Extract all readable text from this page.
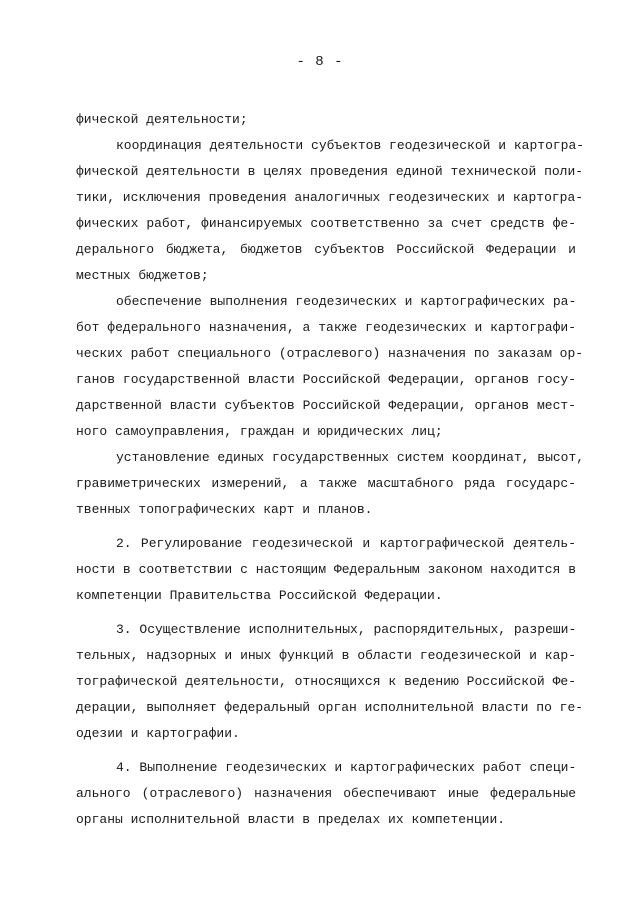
- 8 -
фической деятельности;
координация деятельности субъектов геодезической и картогра-
фической деятельности в целях проведения единой технической поли-
тики, исключения проведения аналогичных геодезических и картогра-
фических работ, финансируемых соответственно за счет средств фе-
дерального бюджета, бюджетов субъектов Российской Федерации и
местных бюджетов;
обеспечение выполнения геодезических и картографических ра-
бот федерального назначения, а также геодезических и картографи-
ческих работ специального (отраслевого) назначения по заказам ор-
ганов государственной власти Российской Федерации, органов госу-
дарственной власти субъектов Российской Федерации, органов мест-
ного самоуправления, граждан и юридических лиц;
установление единых государственных систем координат, высот,
гравиметрических измерений, а также масштабного ряда государс-
твенных топографических карт и планов.
2. Регулирование геодезической и картографической деятель-
ности в соответствии с настоящим Федеральным законом находится в
компетенции Правительства Российской Федерации.
3. Осуществление исполнительных, распорядительных, разреши-
тельных, надзорных и иных функций в области геодезической и кар-
тографической деятельности, относящихся к ведению Российской Фе-
дерации, выполняет федеральный орган исполнительной власти по ге-
одезии и картографии.
4. Выполнение геодезических и картографических работ специ-
ального (отраслевого) назначения обеспечивают иные федеральные
органы исполнительной власти в пределах их компетенции.
